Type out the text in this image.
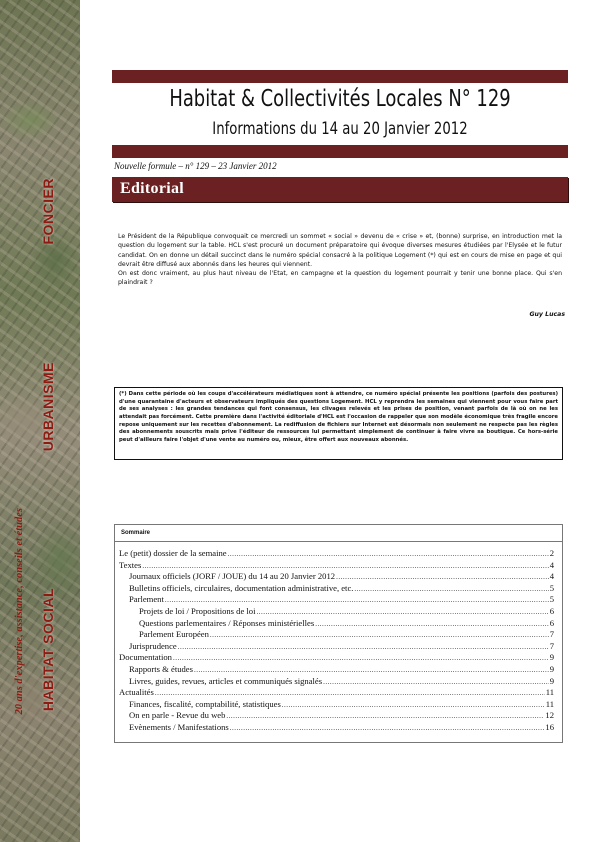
FONCIER
URBANISME
HABITAT SOCIAL
20 ans d'expertise, assistance, conseils et études
Habitat & Collectivités Locales N° 129
Informations du 14 au 20 Janvier 2012
Nouvelle formule – n° 129 – 23 Janvier 2012
Editorial

Le Président de la République convoquait ce mercredi un sommet « social » devenu de « crise » et, (bonne) surprise, en introduction met la question du logement sur la table. HCL s'est procuré un document préparatoire qui évoque diverses mesures étudiées par l'Elysée et le futur candidat. On en donne un détail succinct dans le numéro spécial consacré à la politique Logement (*) qui est en cours de mise en page et qui devrait être diffusé aux abonnés dans les heures qui viennent.

On est donc vraiment, au plus haut niveau de l'Etat, en campagne et la question du logement pourrait y tenir une bonne place. Qui s'en plaindrait ?

Guy Lucas
(*) Dans cette période où les coups d'accélérateurs médiatiques sont à attendre, ce numéro spécial présente les positions (parfois des postures) d'une quarantaine d'acteurs et observateurs impliqués des questions Logement. HCL y reprendra les semaines qui viennent pour vous faire part de ses analyses : les grandes tendances qui font consensus, les clivages relevés et les prises de position, venant parfois de là où on ne les attendait pas forcément. Cette première dans l'activité éditoriale d'HCL est l'occasion de rappeler que son modèle économique très fragile encore repose uniquement sur les recettes d'abonnement. La rediffusion de fichiers sur Internet est désormais non seulement ne respecte pas les règles des abonnements souscrits mais prive l'éditeur de ressources lui permettant simplement de continuer à faire vivre sa boutique. Ce hors-série peut d'ailleurs faire l'objet d'une vente au numéro ou, mieux, être offert aux nouveaux abonnés.
Sommaire
Le (petit) dossier de la semaine .....	2
Textes .....	4
Journaux officiels (JORF / JOUE) du 14 au 20 Janvier 2012 .....	4
Bulletins officiels, circulaires, documentation administrative, etc. .....	5
Parlement .....	5
Projets de loi / Propositions de loi .....	6
Questions parlementaires / Réponses ministérielles .....	6
Parlement Européen .....	7
Jurisprudence .....	7
Documentation .....	9
Rapports & études .....	9
Livres, guides, revues, articles et communiqués signalés .....	9
Actualités .....	11
Finances, fiscalité, comptabilité, statistiques .....	11
On en parle - Revue du web .....	12
Evènements / Manifestations .....	16
